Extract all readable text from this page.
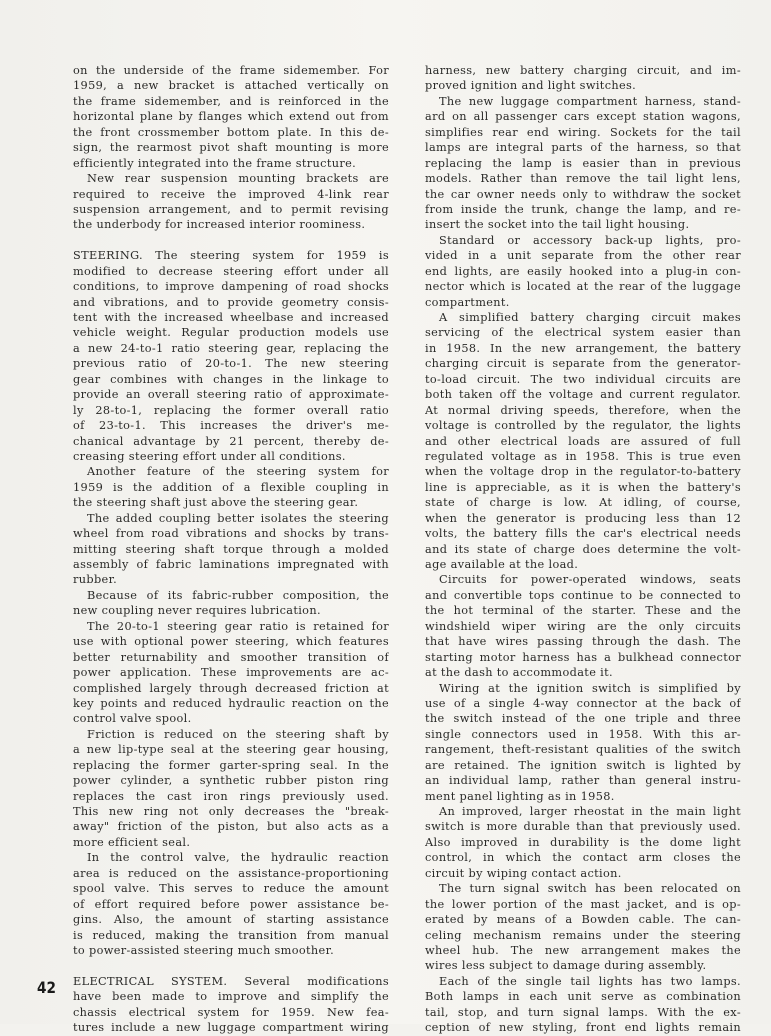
on the underside of the frame sidemember. For
1959, a new bracket is attached vertically on
the frame sidemember, and is reinforced in the
horizontal plane by flanges which extend out from
the front crossmember bottom plate. In this de-
sign, the rearmost pivot shaft mounting is more
efficiently integrated into the frame structure.
New rear suspension mounting brackets are
required to receive the improved 4-link rear
suspension arrangement, and to permit revising
the underbody for increased interior roominess.
STEERING. The steering system for 1959 is
modified to decrease steering effort under all
conditions, to improve dampening of road shocks
and vibrations, and to provide geometry consis-
tent with the increased wheelbase and increased
vehicle weight. Regular production models use
a new 24-to-1 ratio steering gear, replacing the
previous ratio of 20-to-1. The new steering
gear combines with changes in the linkage to
provide an overall steering ratio of approximate-
ly 28-to-1, replacing the former overall ratio
of 23-to-1. This increases the driver's me-
chanical advantage by 21 percent, thereby de-
creasing steering effort under all conditions.
Another feature of the steering system for
1959 is the addition of a flexible coupling in
the steering shaft just above the steering gear.
The added coupling better isolates the steering
wheel from road vibrations and shocks by trans-
mitting steering shaft torque through a molded
assembly of fabric laminations impregnated with
rubber.
Because of its fabric-rubber composition, the
new coupling never requires lubrication.
The 20-to-1 steering gear ratio is retained for
use with optional power steering, which features
better returnability and smoother transition of
power application. These improvements are ac-
complished largely through decreased friction at
key points and reduced hydraulic reaction on the
control valve spool.
Friction is reduced on the steering shaft by
a new lip-type seal at the steering gear housing,
replacing the former garter-spring seal. In the
power cylinder, a synthetic rubber piston ring
replaces the cast iron rings previously used.
This new ring not only decreases the "break-
away" friction of the piston, but also acts as a
more efficient seal.
In the control valve, the hydraulic reaction
area is reduced on the assistance-proportioning
spool valve. This serves to reduce the amount
of effort required before power assistance be-
gins. Also, the amount of starting assistance
is reduced, making the transition from manual
to power-assisted steering much smoother.
ELECTRICAL SYSTEM. Several modifications
have been made to improve and simplify the
chassis electrical system for 1959. New fea-
tures include a new luggage compartment wiring
harness, new battery charging circuit, and im-
proved ignition and light switches.
The new luggage compartment harness, stand-
ard on all passenger cars except station wagons,
simplifies rear end wiring. Sockets for the tail
lamps are integral parts of the harness, so that
replacing the lamp is easier than in previous
models. Rather than remove the tail light lens,
the car owner needs only to withdraw the socket
from inside the trunk, change the lamp, and re-
insert the socket into the tail light housing.
Standard or accessory back-up lights, pro-
vided in a unit separate from the other rear
end lights, are easily hooked into a plug-in con-
nector which is located at the rear of the luggage
compartment.
A simplified battery charging circuit makes
servicing of the electrical system easier than
in 1958. In the new arrangement, the battery
charging circuit is separate from the generator-
to-load circuit. The two individual circuits are
both taken off the voltage and current regulator.
At normal driving speeds, therefore, when the
voltage is controlled by the regulator, the lights
and other electrical loads are assured of full
regulated voltage as in 1958. This is true even
when the voltage drop in the regulator-to-battery
line is appreciable, as it is when the battery's
state of charge is low. At idling, of course,
when the generator is producing less than 12
volts, the battery fills the car's electrical needs
and its state of charge does determine the volt-
age available at the load.
Circuits for power-operated windows, seats
and convertible tops continue to be connected to
the hot terminal of the starter. These and the
windshield wiper wiring are the only circuits
that have wires passing through the dash. The
starting motor harness has a bulkhead connector
at the dash to accommodate it.
Wiring at the ignition switch is simplified by
use of a single 4-way connector at the back of
the switch instead of the one triple and three
single connectors used in 1958. With this ar-
rangement, theft-resistant qualities of the switch
are retained. The ignition switch is lighted by
an individual lamp, rather than general instru-
ment panel lighting as in 1958.
An improved, larger rheostat in the main light
switch is more durable than that previously used.
Also improved in durability is the dome light
control, in which the contact arm closes the
circuit by wiping contact action.
The turn signal switch has been relocated on
the lower portion of the mast jacket, and is op-
erated by means of a Bowden cable. The can-
celing mechanism remains under the steering
wheel hub. The new arrangement makes the
wires less subject to damage during assembly.
Each of the single tail lights has two lamps.
Both lamps in each unit serve as combination
tail, stop, and turn signal lamps. With the ex-
ception of new styling, front end lights remain
42
